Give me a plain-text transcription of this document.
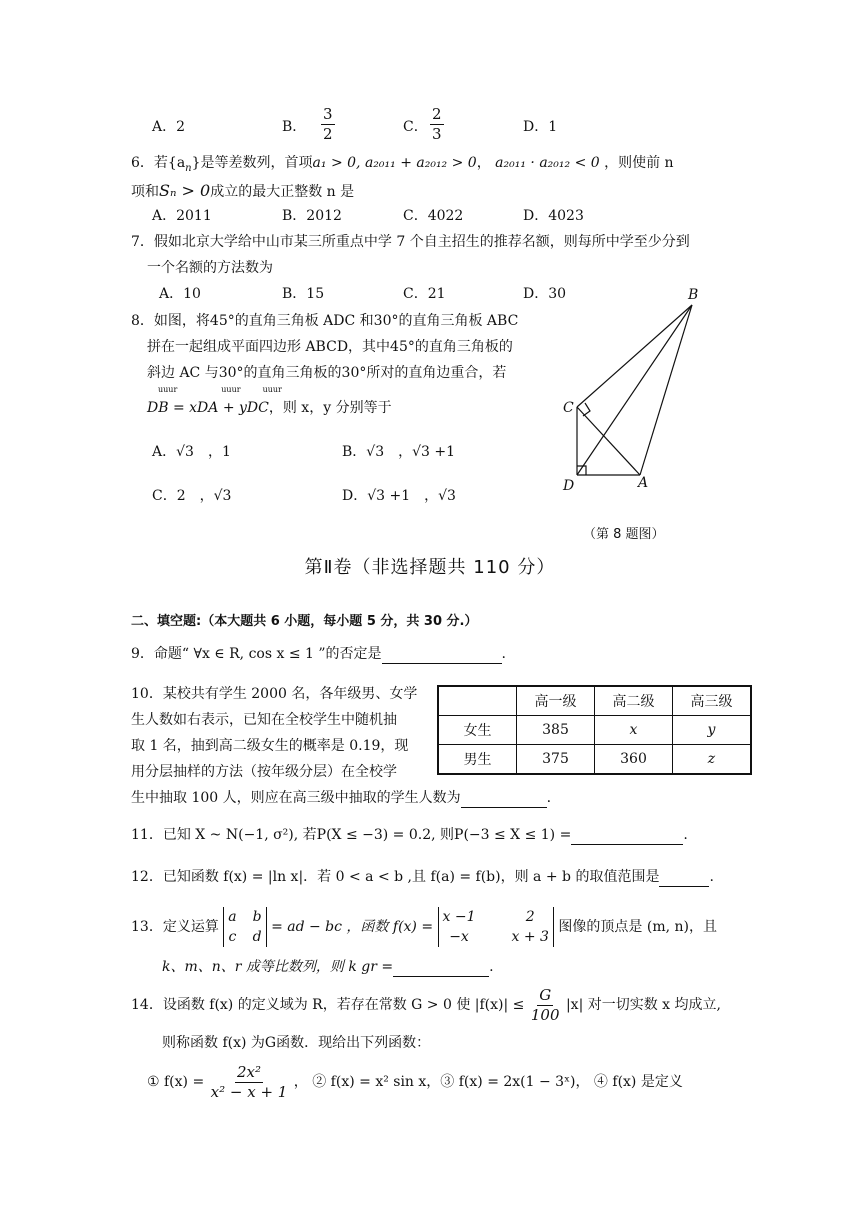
A．2	B． $\frac{3}{2}$	C． $\frac{2}{3}$	D．1
6．若$\{a_n\}$是等差数列，首项a₁ > 0, a₂₀₁₁ + a₂₀₁₂ > 0， a₂₀₁₁ · a₂₀₁₂ < 0 ，则使前 n
项和Sₙ > 0成立的最大正整数 n 是
A．2011	B．2012	C．4022	D．4023
7．假如北京大学给中山市某三所重点中学 7 个自主招生的推荐名额，则每所中学至少分到
一个名额的方法数为
A．10	B．15	C．21	D．30
8．如图，将45°的直角三角板 ADC 和30°的直角三角板 ABC
拼在一起组成平面四边形 ABCD，其中45°的直角三角板的
斜边 AC 与30°的直角三角板的30°所对的直角边重合，若
uuur	uuur	uuur
DB = xDA + yDC，则 x，y 分别等于
A．√3　，1	B．√3　，√3 +1
C．2　，√3	D．√3 +1　，√3
B
C
D	A
（第 8 题图）
第Ⅱ卷（非选择题共 110 分）
二、填空题:（本大题共 6 小题，每小题 5 分，共 30 分.）
9．命题“ ∀x ∈ R, cos x ≤ 1 ”的否定是	.
10．某校共有学生 2000 名，各年级男、女学
生人数如右表示，已知在全校学生中随机抽
取 1 名，抽到高二级女生的概率是 0.19，现
用分层抽样的方法（按年级分层）在全校学
生中抽取 100 人，则应在高三级中抽取的学生人数为	.
	高一级	高二级	高三级
女生	385	x	y
男生	375	360	z
11．已知 X ~ N(−1, σ²), 若P(X ≤ −3) = 0.2, 则P(−3 ≤ X ≤ 1) =	.
12．已知函数 f(x) = |ln x|．若 0 < a < b ,且 f(a) = f(b)，则 a + b 的取值范围是	.
13．定义运算
a b
c d
= ad − bc ，函数 f(x) =
x −1	2
−x	x + 3
图像的顶点是 (m, n)，且
k、m、n、r 成等比数列，则 k gr =	.
14．设函数 f(x) 的定义域为 R，若存在常数 G > 0 使 $|f(x)| \le \frac{G}{100} |x|$ 对一切实数 x 均成立,
则称函数 f(x) 为G函数．现给出下列函数：
① $f(x) = \frac{\text{2x²}}{\text{x² − x + 1}}$ ， ② f(x) = x² sin x，③ f(x) = 2x(1 − 3ˣ)， ④ f(x) 是定义
